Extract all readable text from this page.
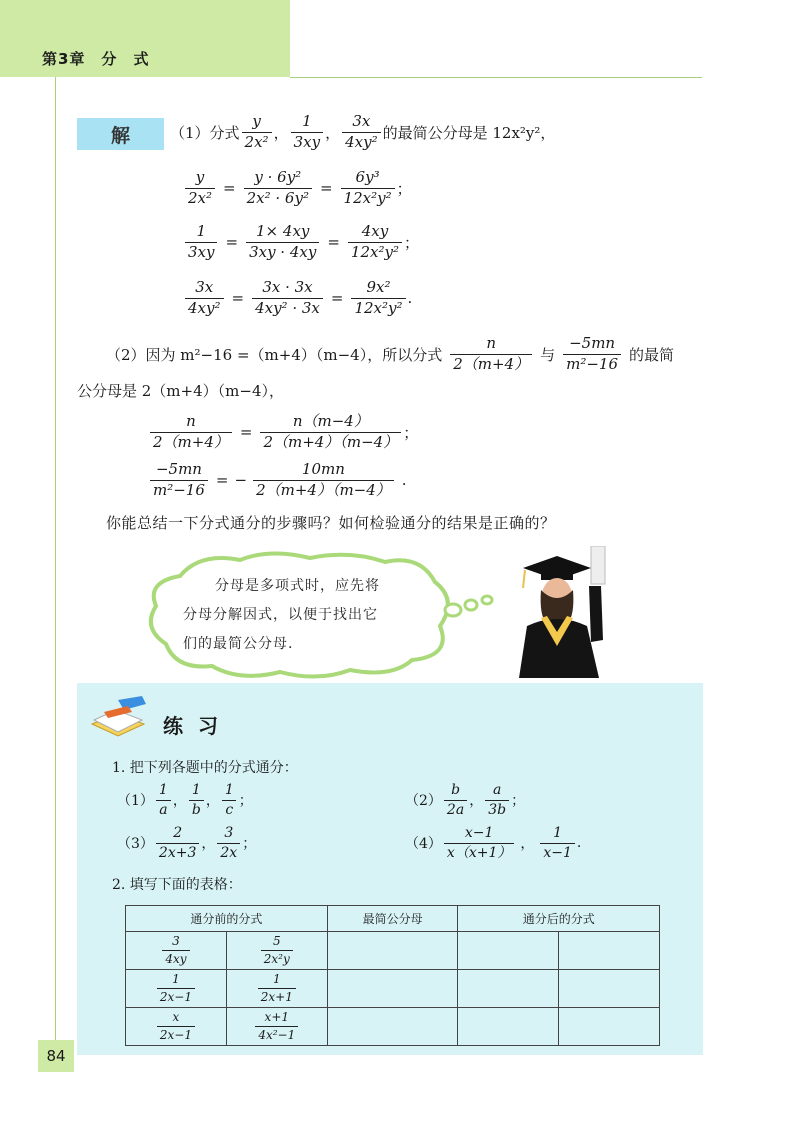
第3章　分　式
解	（1）分式 $\frac{y}{\text{2x²}}$ ， $\frac{1}{3xy}$ ， $\frac{3x}{\text{4xy²}}$ 的最简公分母是 12x²y²，
$\frac{y}{\text{2x²}} = \frac{\text{y · 6y²}}{\text{2x² · 6y²}} = \frac{\text{6y³}}{\text{12x²y²}}$ ；
$\frac{1}{3xy} = \frac{1\times 4xy}{3xy \cdot 4xy} = \frac{4xy}{\text{12x²y²}}$ ；
$\frac{3x}{\text{4xy²}} = \frac{3x \cdot 3x}{\text{4xy² · 3x}} = \frac{\text{9x²}}{\text{12x²y²}}$ .
（2）因为 m²−16 =（m+4）（m−4），所以分式 $\frac{n}{2(m+4)}$ 与 $\frac{-5mn}{\text{m²−16}}$ 的最简
公分母是 2（m+4）（m−4），
$\frac{n}{2(m+4)} = \frac{n(m-4)}{2(m+4)(m-4)}$ ；
$\frac{-5mn}{\text{m²−16}}$ = − $\frac{10mn}{2(m+4)(m-4)}$ .
你能总结一下分式通分的步骤吗？如何检验通分的结果是正确的？
分母是多项式时，应先将
分母分解因式，以便于找出它
们的最简公分母.
练 习
1. 把下列各题中的分式通分：
$(1) \frac{1}{a}$ ， $\frac{1}{b}$ ， $\frac{1}{c}$ ；	$(2) \frac{b}{2a}$ ， $\frac{a}{3b}$ ；
$(3) \frac{2}{2x+3}$ ， $\frac{3}{2x}$ ；	$(4) \frac{x-1}{x(x+1)}$ ， $\frac{1}{x-1}$ .
2. 填写下面的表格：
通分前的分式		最简公分母	通分后的分式	

$\frac{3}{4xy}$	$\frac{5}{\text{2x²y}}$

$\frac{1}{2x-1}$	$\frac{1}{2x+1}$

$\frac{x}{2x-1}$	$\frac{x+1}{\text{4x²−1}}$

84
